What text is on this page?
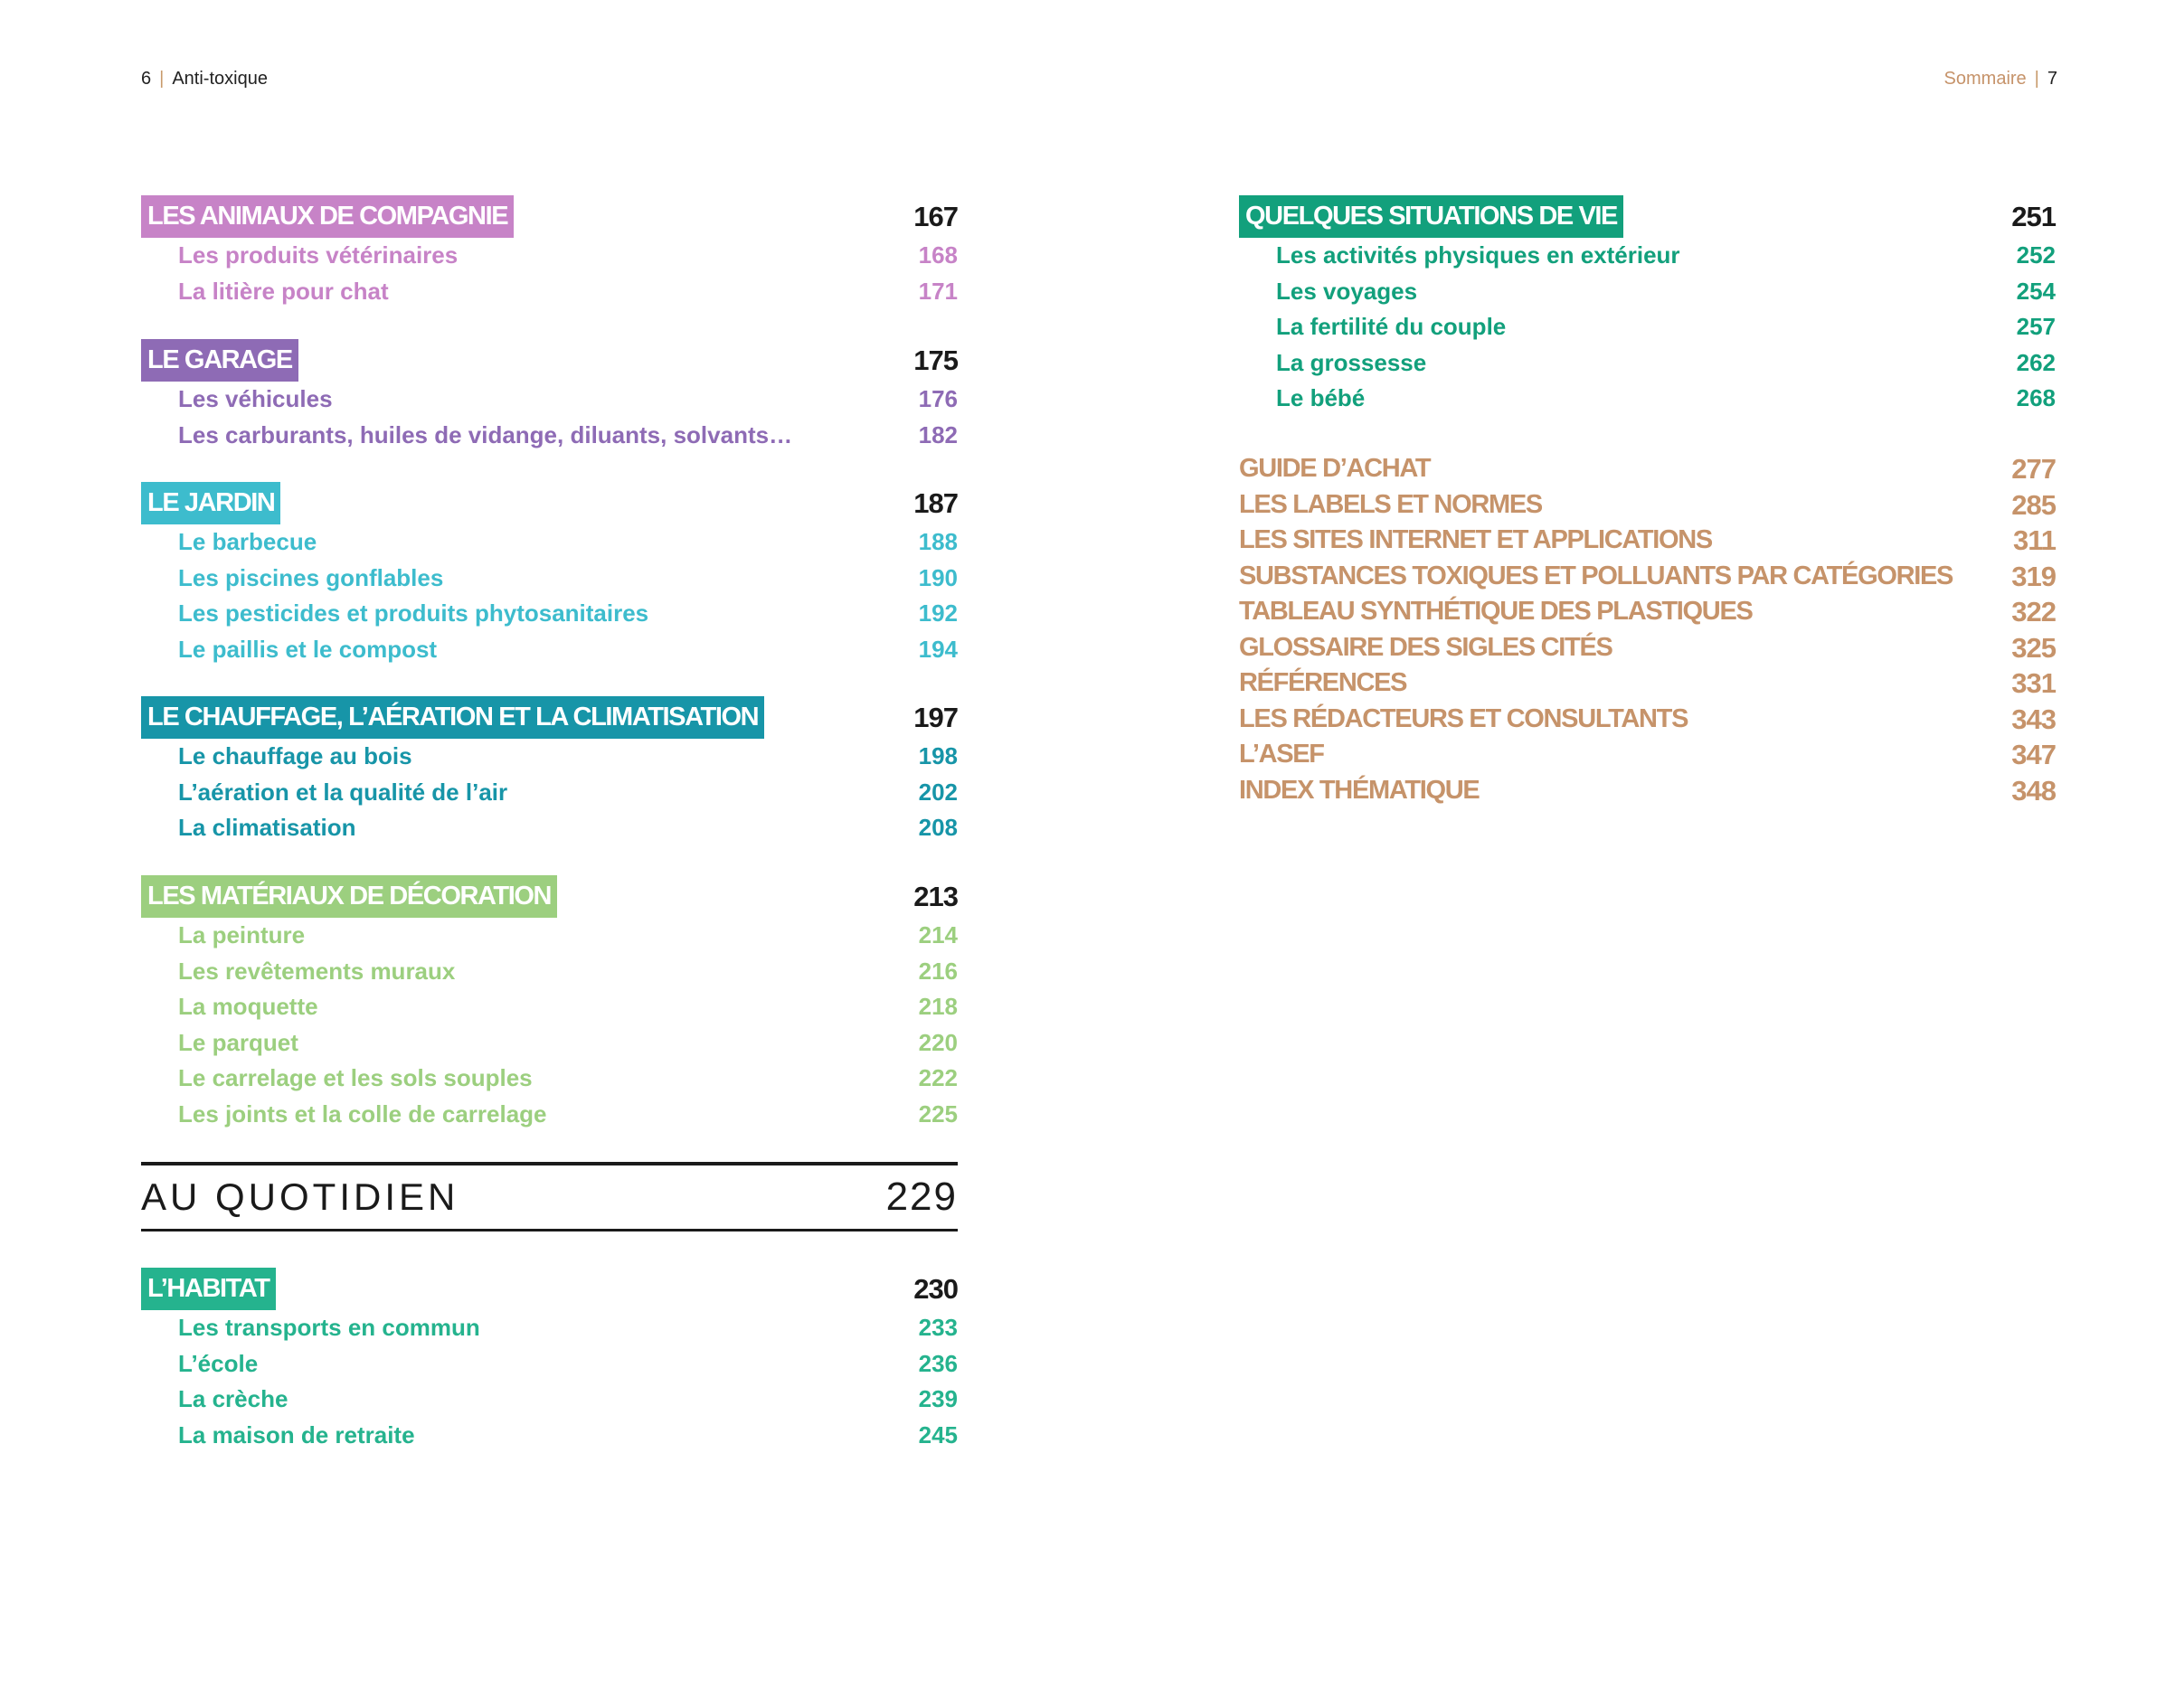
6 | Anti-toxique	Sommaire | 7
LES ANIMAUX DE COMPAGNIE	167
Les produits vétérinaires	168
La litière pour chat	171
LE GARAGE	175
Les véhicules	176
Les carburants, huiles de vidange, diluants, solvants…	182
LE JARDIN	187
Le barbecue	188
Les piscines gonflables	190
Les pesticides et produits phytosanitaires	192
Le paillis et le compost	194
LE CHAUFFAGE, L’AÉRATION ET LA CLIMATISATION	197
Le chauffage au bois	198
L’aération et la qualité de l’air	202
La climatisation	208
LES MATÉRIAUX DE DÉCORATION	213
La peinture	214
Les revêtements muraux	216
La moquette	218
Le parquet	220
Le carrelage et les sols souples	222
Les joints et la colle de carrelage	225
AU QUOTIDIEN	229
L’HABITAT	230
Les transports en commun	233
L’école	236
La crèche	239
La maison de retraite	245
QUELQUES SITUATIONS DE VIE	251
Les activités physiques en extérieur	252
Les voyages	254
La fertilité du couple	257
La grossesse	262
Le bébé	268
GUIDE D’ACHAT	277
LES LABELS ET NORMES	285
LES SITES INTERNET ET APPLICATIONS	311
SUBSTANCES TOXIQUES ET POLLUANTS PAR CATÉGORIES 319
TABLEAU SYNTHÉTIQUE DES PLASTIQUES	322
GLOSSAIRE DES SIGLES CITÉS	325
RÉFÉRENCES	331
LES RÉDACTEURS ET CONSULTANTS	343
L’ASEF	347
INDEX THÉMATIQUE	348
